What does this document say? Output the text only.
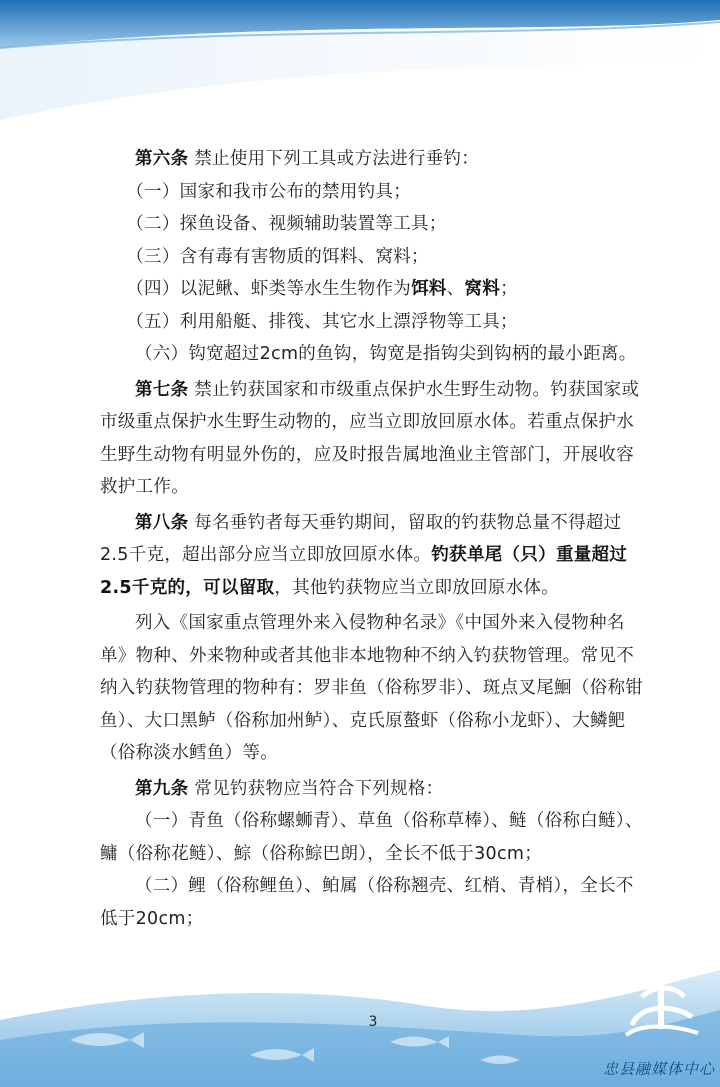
第六条 禁止使用下列工具或方法进行垂钓：

（一）国家和我市公布的禁用钓具；

（二）探鱼设备、视频辅助装置等工具；

（三）含有毒有害物质的饵料、窝料；

（四）以泥鳅、虾类等水生生物作为饵料、窝料；

（五）利用船艇、排筏、其它水上漂浮物等工具；

（六）钩宽超过2cm的鱼钩，钩宽是指钩尖到钩柄的最小距离。

第七条 禁止钓获国家和市级重点保护水生野生动物。钓获国家或市级重点保护水生野生动物的，应当立即放回原水体。若重点保护水生野生动物有明显外伤的，应及时报告属地渔业主管部门，开展收容救护工作。

第八条 每名垂钓者每天垂钓期间，留取的钓获物总量不得超过2.5千克，超出部分应当立即放回原水体。钓获单尾（只）重量超过2.5千克的，可以留取，其他钓获物应当立即放回原水体。

列入《国家重点管理外来入侵物种名录》《中国外来入侵物种名单》物种、外来物种或者其他非本地物种不纳入钓获物管理。常见不纳入钓获物管理的物种有：罗非鱼（俗称罗非）、斑点叉尾鮰（俗称钳鱼）、大口黑鲈（俗称加州鲈）、克氏原螯虾（俗称小龙虾）、大鳞鲃（俗称淡水鳕鱼）等。

第九条 常见钓获物应当符合下列规格：

（一）青鱼（俗称螺蛳青）、草鱼（俗称草棒）、鲢（俗称白鲢）、鳙（俗称花鲢）、鯮（俗称鯮巴朗），全长不低于30cm；

（二）鲤（俗称鲤鱼）、鲌属（俗称翘壳、红梢、青梢），全长不低于20cm；

3
忠县融媒体中心
